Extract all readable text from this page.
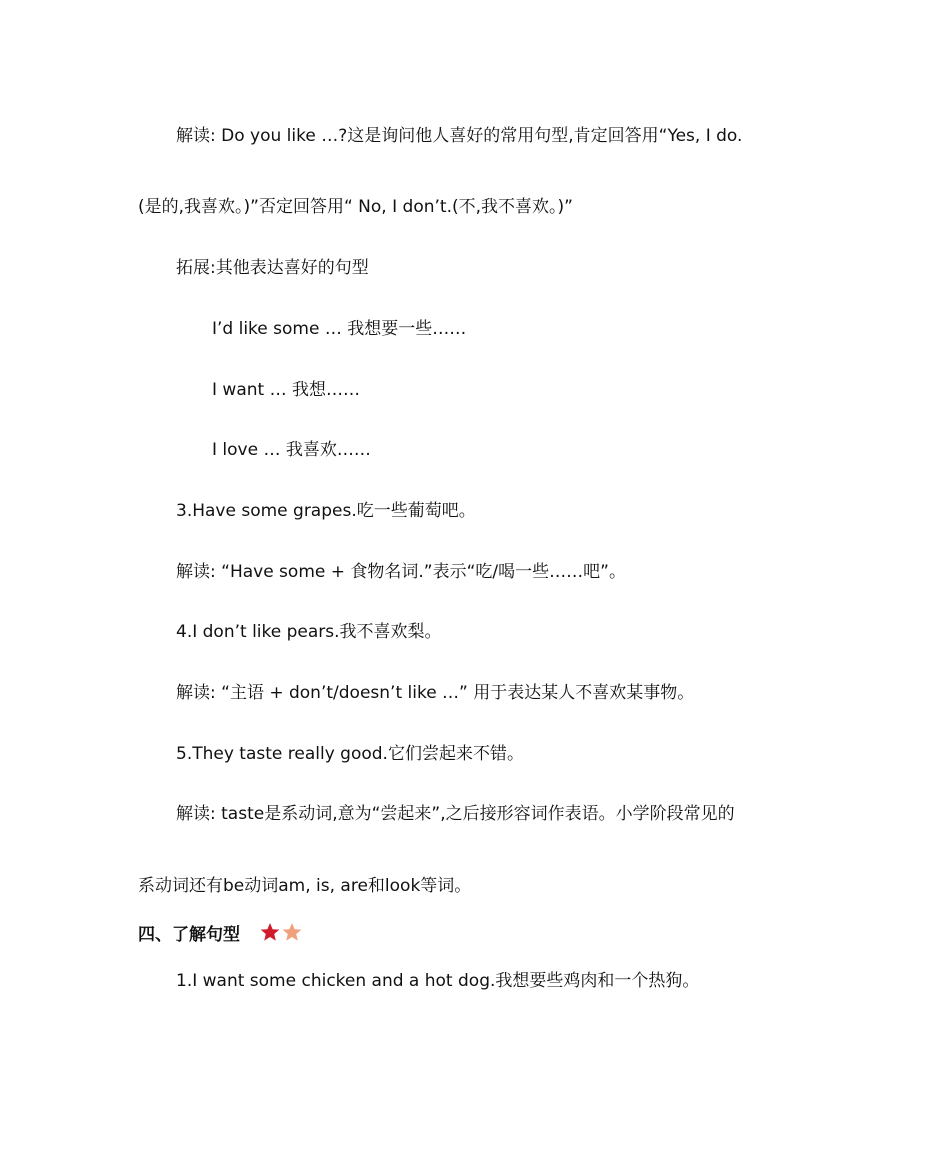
解读: Do you like …?这是询问他人喜好的常用句型,肯定回答用“Yes, I do.
(是的,我喜欢。)”否定回答用“ No, I don’t.(不,我不喜欢。)”
拓展:其他表达喜好的句型
I’d like some … 我想要一些……
I want … 我想……
I love … 我喜欢……
3.Have some grapes.吃一些葡萄吧。
解读: “Have some + 食物名词.”表示“吃/喝一些……吧”。
4.I don’t like pears.我不喜欢梨。
解读: “主语 + don’t/doesn’t like …” 用于表达某人不喜欢某事物。
5.They taste really good.它们尝起来不错。
解读: taste是系动词,意为“尝起来”,之后接形容词作表语。小学阶段常见的
系动词还有be动词am, is, are和look等词。
四、了解句型
1.I want some chicken and a hot dog.我想要些鸡肉和一个热狗。
